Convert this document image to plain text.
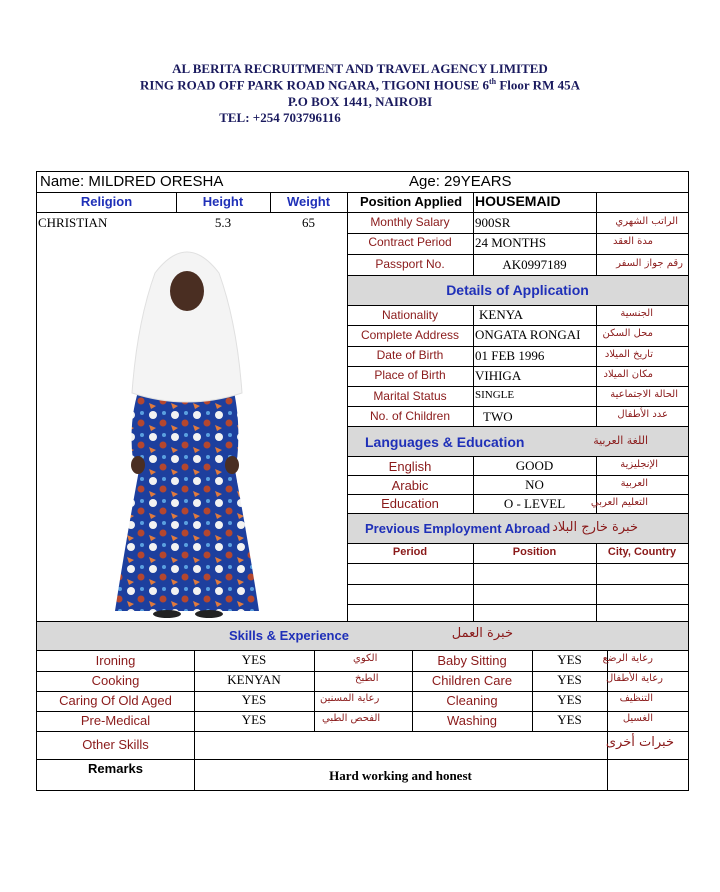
AL BERITA RECRUITMENT AND TRAVEL AGENCY LIMITED
RING ROAD OFF PARK ROAD NGARA, TIGONI HOUSE 6th Floor RM 45A
P.O BOX 1441, NAIROBI
TEL: +254 703796116
Name: MILDRED ORESHA	Age: 29YEARS
Religion	Height	Weight	Position Applied HOUSEMAID
CHRISTIAN	5.3	65	Monthly Salary	900SR	الراتب الشهري
Contract Period	24 MONTHS	مدة العقد
Passport No.	AK0997189	رقم جواز السفر
Details of Application
Nationality	KENYA	الجنسية
Complete Address	ONGATA RONGAI محل السكن
Date of Birth	01 FEB 1996	تاريخ الميلاد
Place of Birth	VIHIGA	مكان الميلاد
Marital Status	SINGLE	الحالة الاجتماعية
No. of Children	TWO	عدد الأطفال
Languages & Education	اللغة العربية
English	GOOD	الإنجليزية
Arabic	NO	العربية
Education	O - LEVEL	التعليم العربي
Previous Employment Abroad خبرة خارج البلاد
Period	Position	City, Country
Skills & Experience	خبرة العمل
Ironing	YES	الكوي	Baby Sitting	YES	رعاية الرضع
Cooking	KENYAN	الطبخ	Children Care	YES	رعاية الأطفال
Caring Of Old Aged	YES	رعاية المسنين	Cleaning	YES	التنظيف
Pre-Medical	YES	الفحص الطبي	Washing	YES	الغسيل
Other Skills	خبرات أخرى
Remarks	Hard working and honest
